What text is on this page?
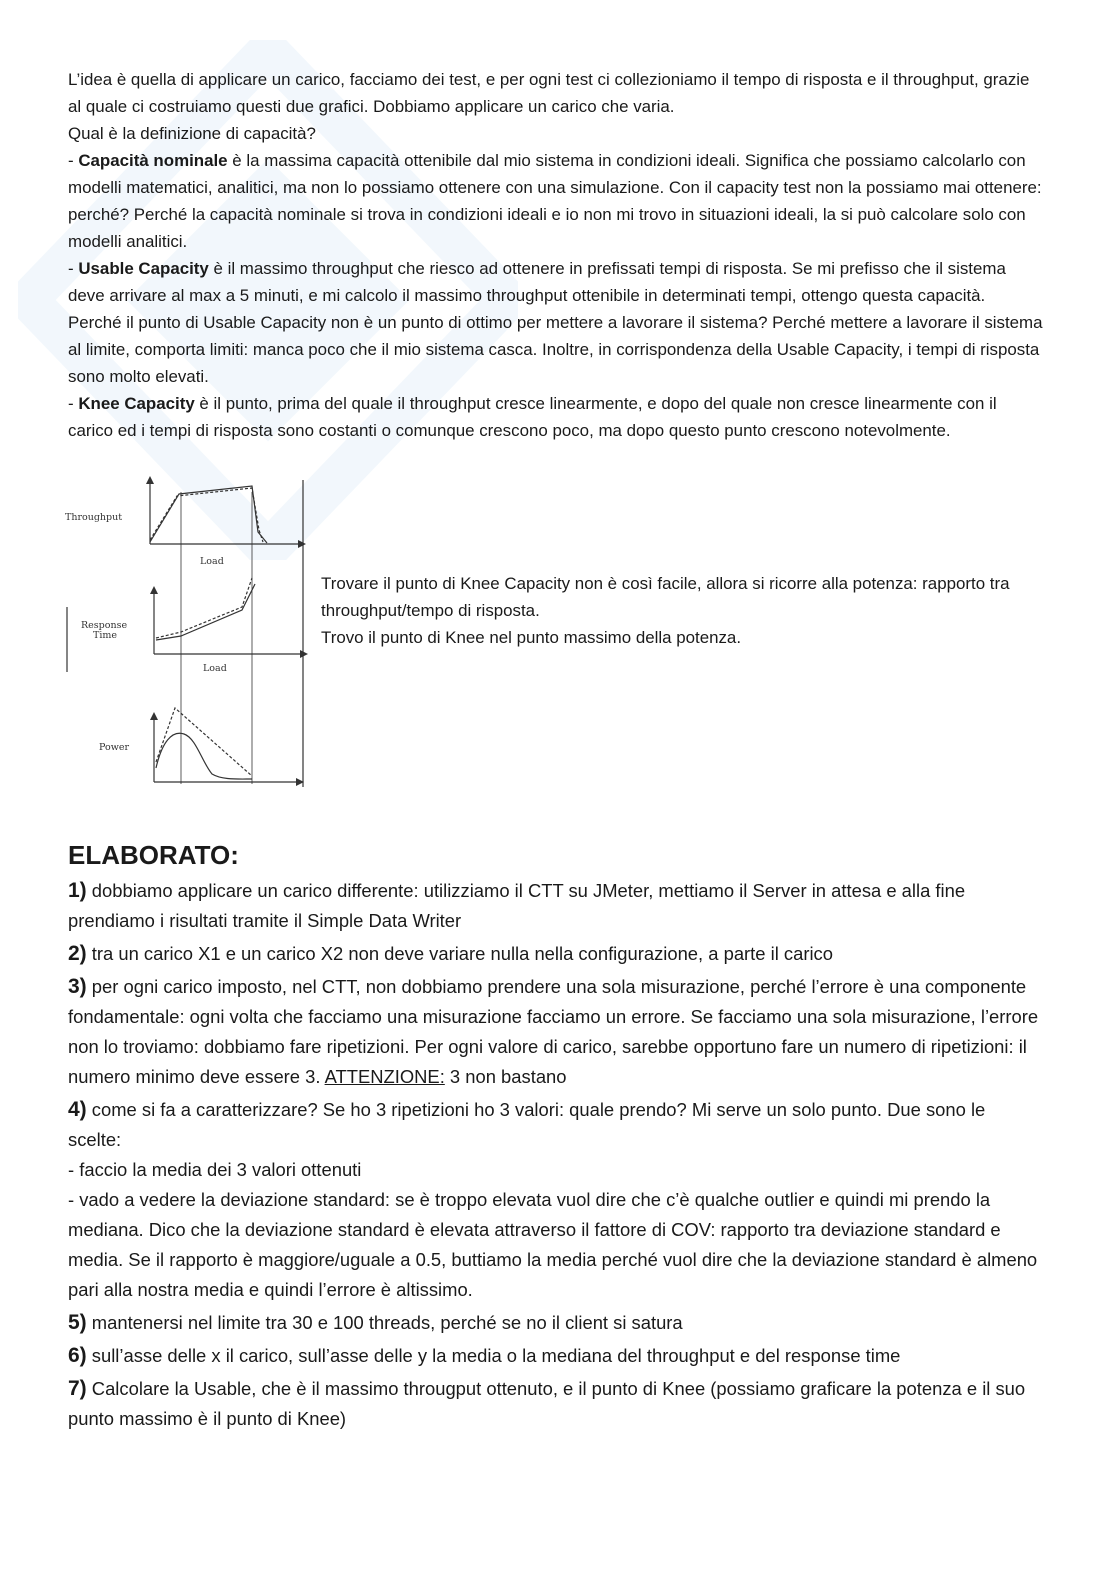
L’idea è quella di applicare un carico, facciamo dei test, e per ogni test ci collezioniamo il tempo di risposta e il throughput, grazie al quale ci costruiamo questi due grafici. Dobbiamo applicare un carico che varia.

Qual è la definizione di capacità?

- Capacità nominale è la massima capacità ottenibile dal mio sistema in condizioni ideali. Significa che possiamo calcolarlo con modelli matematici, analitici, ma non lo possiamo ottenere con una simulazione. Con il capacity test non la possiamo mai ottenere: perché? Perché la capacità nominale si trova in condizioni ideali e io non mi trovo in situazioni ideali, la si può calcolare solo con modelli analitici.

- Usable Capacity è il massimo throughput che riesco ad ottenere in prefissati tempi di risposta. Se mi prefisso che il sistema deve arrivare al max a 5 minuti, e mi calcolo il massimo throughput ottenibile in determinati tempi, ottengo questa capacità. Perché il punto di Usable Capacity non è un punto di ottimo per mettere a lavorare il sistema? Perché mettere a lavorare il sistema al limite, comporta limiti: manca poco che il mio sistema casca. Inoltre, in corrispondenza della Usable Capacity, i tempi di risposta sono molto elevati.

- Knee Capacity è il punto, prima del quale il throughput cresce linearmente, e dopo del quale non cresce linearmente con il carico ed i tempi di risposta sono costanti o comunque crescono poco, ma dopo questo punto crescono notevolmente.

Throughput
Load
Response
Time
Load
Power

Trovare il punto di Knee Capacity non è così facile, allora si ricorre alla potenza: rapporto tra throughput/tempo di risposta.

Trovo il punto di Knee nel punto massimo della potenza.

ELABORATO:

1) dobbiamo applicare un carico differente: utilizziamo il CTT su JMeter, mettiamo il Server in attesa e alla fine prendiamo i risultati tramite il Simple Data Writer

2) tra un carico X1 e un carico X2 non deve variare nulla nella configurazione, a parte il carico

3) per ogni carico imposto, nel CTT, non dobbiamo prendere una sola misurazione, perché l’errore è una componente fondamentale: ogni volta che facciamo una misurazione facciamo un errore. Se facciamo una sola misurazione, l’errore non lo troviamo: dobbiamo fare ripetizioni. Per ogni valore di carico, sarebbe opportuno fare un numero di ripetizioni: il numero minimo deve essere 3. ATTENZIONE: 3 non bastano

4) come si fa a caratterizzare? Se ho 3 ripetizioni ho 3 valori: quale prendo? Mi serve un solo punto. Due sono le scelte:

- faccio la media dei 3 valori ottenuti

- vado a vedere la deviazione standard: se è troppo elevata vuol dire che c’è qualche outlier e quindi mi prendo la mediana. Dico che la deviazione standard è elevata attraverso il fattore di COV: rapporto tra deviazione standard e media. Se il rapporto è maggiore/uguale a 0.5, buttiamo la media perché vuol dire che la deviazione standard è almeno pari alla nostra media e quindi l’errore è altissimo.

5) mantenersi nel limite tra 30 e 100 threads, perché se no il client si satura

6) sull’asse delle x il carico, sull’asse delle y la media o la mediana del throughput e del response time

7) Calcolare la Usable, che è il massimo througput ottenuto, e il punto di Knee (possiamo graficare la potenza e il suo punto massimo è il punto di Knee)
